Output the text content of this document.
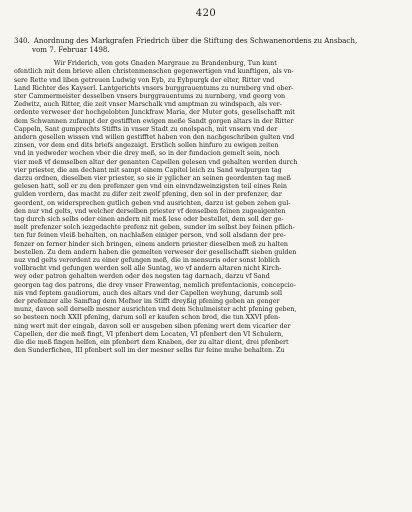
420
340. Anordnung des Markgrafen Friedrich über die Stiftung des Schwanenordens zu Ansbach,
vom 7. Februar 1498.
Wir Friderich, von gots Gnaden Margraue zu Brandenburg, Tun kunt
ofentlich mit dem brieve allen christenmenschen gegenwertigen vnd kunftigen, als vn-
sere Rette vnd liben getreuen Ludwig von Eyb, zu Eybpurgk der elter, Ritter vnd
Land Richter des Kayserl. Lantgerichts vnsers burggrauentums zu nurnberg vnd ober-
ster Cammermeister desselben vnsers burggrauentums zu nurnberg, vnd georg von
Zedwitz, auch Ritter, die zeit vnser Marschalk vnd amptman zu windspach, als ver-
ordente verweser der hochgelobten Junckfraw Maria, der Muter gots, gesellschafft mit
dem Schwannen zufampt der gestifften ewigen meße Sandt gorgen altars in der Ritter
Cappeln, Sant gumprechts Stiffts in vnser Stadt zu onolspach, mit vnsern vnd der
andern gesellen wissen vnd willen gestifftet haben von den nachgeschriben gulten vnd
zinsen, vor dem end dits briefs angezaigt. Erstlich sollen hinfuro zu ewigen zeiten
vnd in yedweder wochen vber die drey meß, so in der fundacion gemelt sein, noch
vier meß vf demselben altar der genanten Capellen gelesen vnd gehalten werden durch
vier priester, die am dechant mit sampt einem Capitel leich zu Sand walpurgen tag
darzu ordnen, dieselben vier priester, so sie ir yglicher an seinen geordenten tag meß
gelesen hatt, soll er zu den prefenzer gen vnd ein einvndzweinzigsten teil eines Rein
gulden vordern, das macht zu difer zeit zwolf pfening, den sol in der prefenzer, dar
geordent, on widersprechen gutlich geben vnd ausrichten, darzu ist geben zehen gul-
den nur vnd gelts, vnd welcher derselben priester vf denselben feinen zugeaigenten
tag durch sich selbs oder einen andern nit meß lese oder bestellet, dem soll der ge-
melt prefenzer solch iezgedachte prefenz nit geben, sunder im selbst bey feinen pflich-
ten fur feinen vleiß behalten, on nachlaßen einiger person, vnd soll alsdann der pre-
fenzer on ferner hinder sich bringen, einem andern priester dieselben meß zu halten
bestellen. Zu dem andern haben die gemelten verweser der gesellschafft sieben gulden
nuz vnd gelts verordent zu einer gefungen meß, die in mensuris oder sonst loblich
vollbracht vnd gefungen werden soll alle Suntag, wo vf andern altaren nicht Kirch-
wey oder patron gehalten werden oder des negsten tag darnach, darzu vf Sand
georgen tag des patrons, die drey vnser Frawentag, nemlich prefentacionis, concepcio-
nis vnd feptem gaudiorum, auch des altars vnd der Capellen weyhung, darumb soll
der prefenzer alle Samftag dem Mefner im Stifft dreyßig pfening geben an genger
munz, davon soll derselb mesner ausrichten vnd dem Schulmeister acht pfening geben,
so besteen noch XXII pfening, darum soll er kaufen schon brod, die tun XXVI pfen-
ning wert mit der eingab, davon soll er ausgeben siben pfening wert dem vicarier der
Capellen, der die meß fingt, VI pfenbert dem Locaten, VI pfenbert den VI Schulern,
die die meß fingen helfen, ein pfenbert dem Knaben, der zu altar dient, drei pfenbert
den Sunderfichen, III pfenbert soll im der mesner selbs fur feine muhe behalten. Zu
